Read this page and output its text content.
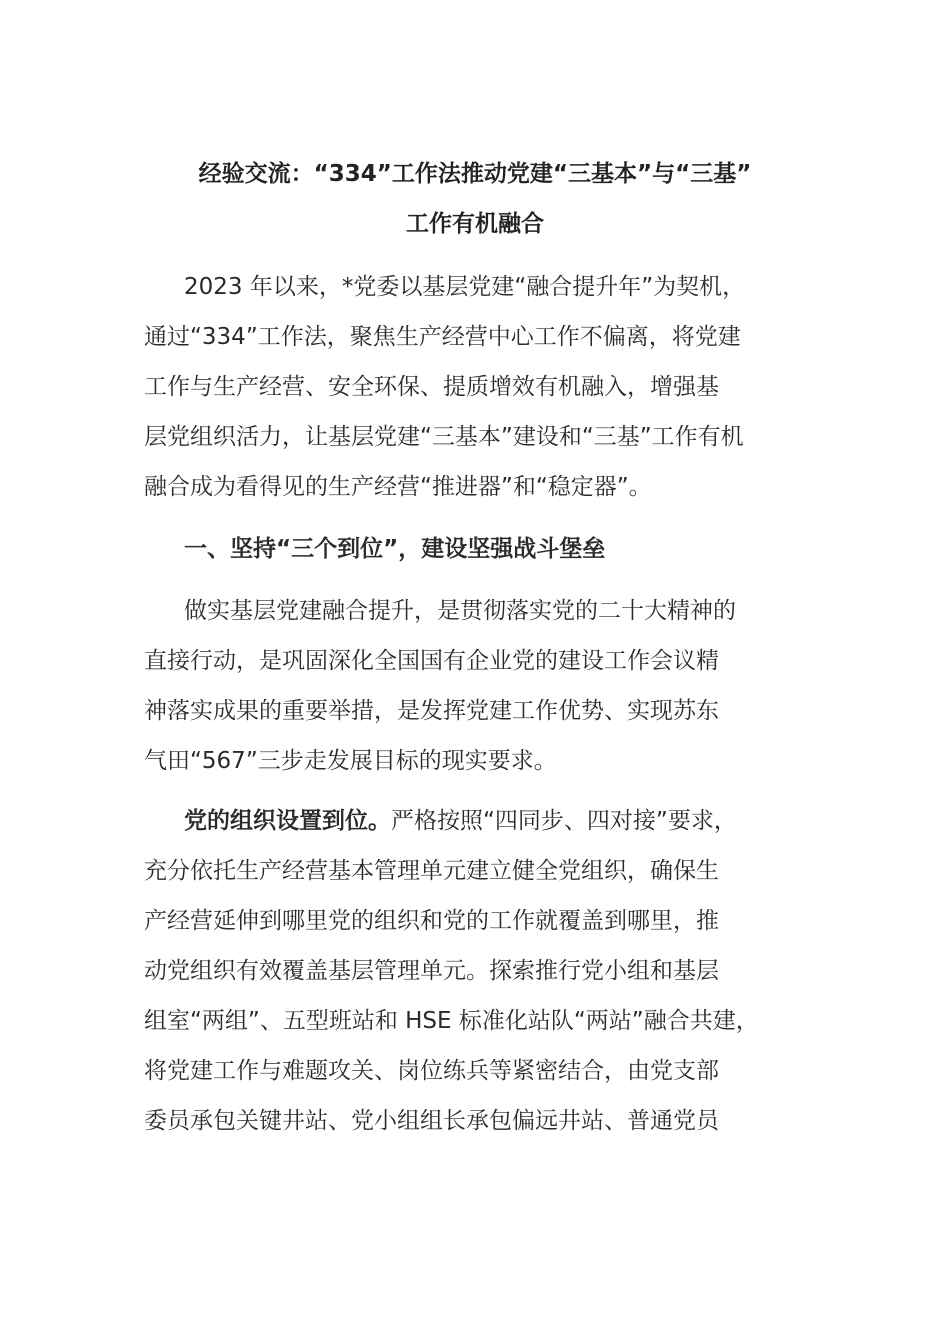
经验交流：“334”工作法推动党建“三基本”与“三基”
工作有机融合
2023 年以来，*党委以基层党建“融合提升年”为契机，
通过“334”工作法，聚焦生产经营中心工作不偏离，将党建
工作与生产经营、安全环保、提质增效有机融入，增强基
层党组织活力，让基层党建“三基本”建设和“三基”工作有机
融合成为看得见的生产经营“推进器”和“稳定器”。
一、坚持“三个到位”，建设坚强战斗堡垒
做实基层党建融合提升，是贯彻落实党的二十大精神的
直接行动，是巩固深化全国国有企业党的建设工作会议精
神落实成果的重要举措，是发挥党建工作优势、实现苏东
气田“567”三步走发展目标的现实要求。
党的组织设置到位。严格按照“四同步、四对接”要求，
充分依托生产经营基本管理单元建立健全党组织，确保生
产经营延伸到哪里党的组织和党的工作就覆盖到哪里，推
动党组织有效覆盖基层管理单元。探索推行党小组和基层
组室“两组”、五型班站和 HSE 标准化站队“两站”融合共建，
将党建工作与难题攻关、岗位练兵等紧密结合，由党支部
委员承包关键井站、党小组组长承包偏远井站、普通党员
